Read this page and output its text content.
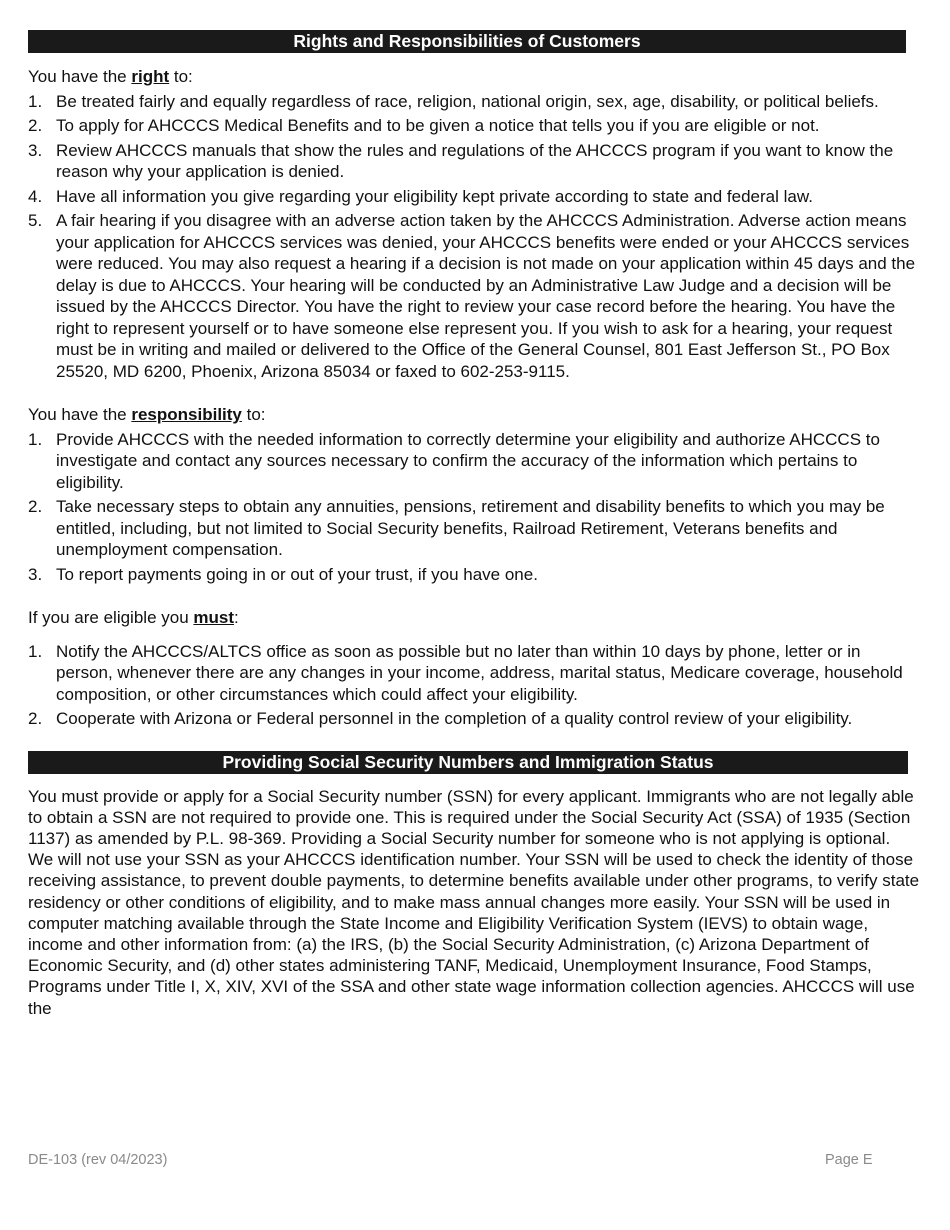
Rights and Responsibilities of Customers
You have the right to:
1. Be treated fairly and equally regardless of race, religion, national origin, sex, age, disability, or political beliefs.
2. To apply for AHCCCS Medical Benefits and to be given a notice that tells you if you are eligible or not.
3. Review AHCCCS manuals that show the rules and regulations of the AHCCCS program if you want to know the reason why your application is denied.
4. Have all information you give regarding your eligibility kept private according to state and federal law.
5. A fair hearing if you disagree with an adverse action taken by the AHCCCS Administration. Adverse action means your application for AHCCCS services was denied, your AHCCCS benefits were ended or your AHCCCS services were reduced. You may also request a hearing if a decision is not made on your application within 45 days and the delay is due to AHCCCS. Your hearing will be conducted by an Administrative Law Judge and a decision will be issued by the AHCCCS Director. You have the right to review your case record before the hearing. You have the right to represent yourself or to have someone else represent you. If you wish to ask for a hearing, your request must be in writing and mailed or delivered to the Office of the General Counsel, 801 East Jefferson St., PO Box 25520, MD 6200, Phoenix, Arizona 85034 or faxed to 602-253-9115.
You have the responsibility to:
1. Provide AHCCCS with the needed information to correctly determine your eligibility and authorize AHCCCS to investigate and contact any sources necessary to confirm the accuracy of the information which pertains to eligibility.
2. Take necessary steps to obtain any annuities, pensions, retirement and disability benefits to which you may be entitled, including, but not limited to Social Security benefits, Railroad Retirement, Veterans benefits and unemployment compensation.
3. To report payments going in or out of your trust, if you have one.
If you are eligible you must:
1. Notify the AHCCCS/ALTCS office as soon as possible but no later than within 10 days by phone, letter or in person, whenever there are any changes in your income, address, marital status, Medicare coverage, household composition, or other circumstances which could affect your eligibility.
2. Cooperate with Arizona or Federal personnel in the completion of a quality control review of your eligibility.
Providing Social Security Numbers and Immigration Status
You must provide or apply for a Social Security number (SSN) for every applicant. Immigrants who are not legally able to obtain a SSN are not required to provide one. This is required under the Social Security Act (SSA) of 1935 (Section 1137) as amended by P.L. 98-369. Providing a Social Security number for someone who is not applying is optional. We will not use your SSN as your AHCCCS identification number. Your SSN will be used to check the identity of those receiving assistance, to prevent double payments, to determine benefits available under other programs, to verify state residency or other conditions of eligibility, and to make mass annual changes more easily. Your SSN will be used in computer matching available through the State Income and Eligibility Verification System (IEVS) to obtain wage, income and other information from: (a) the IRS, (b) the Social Security Administration, (c) Arizona Department of Economic Security, and (d) other states administering TANF, Medicaid, Unemployment Insurance, Food Stamps, Programs under Title I, X, XIV, XVI of the SSA and other state wage information collection agencies. AHCCCS will use the
DE-103 (rev 04/2023)	Page E
